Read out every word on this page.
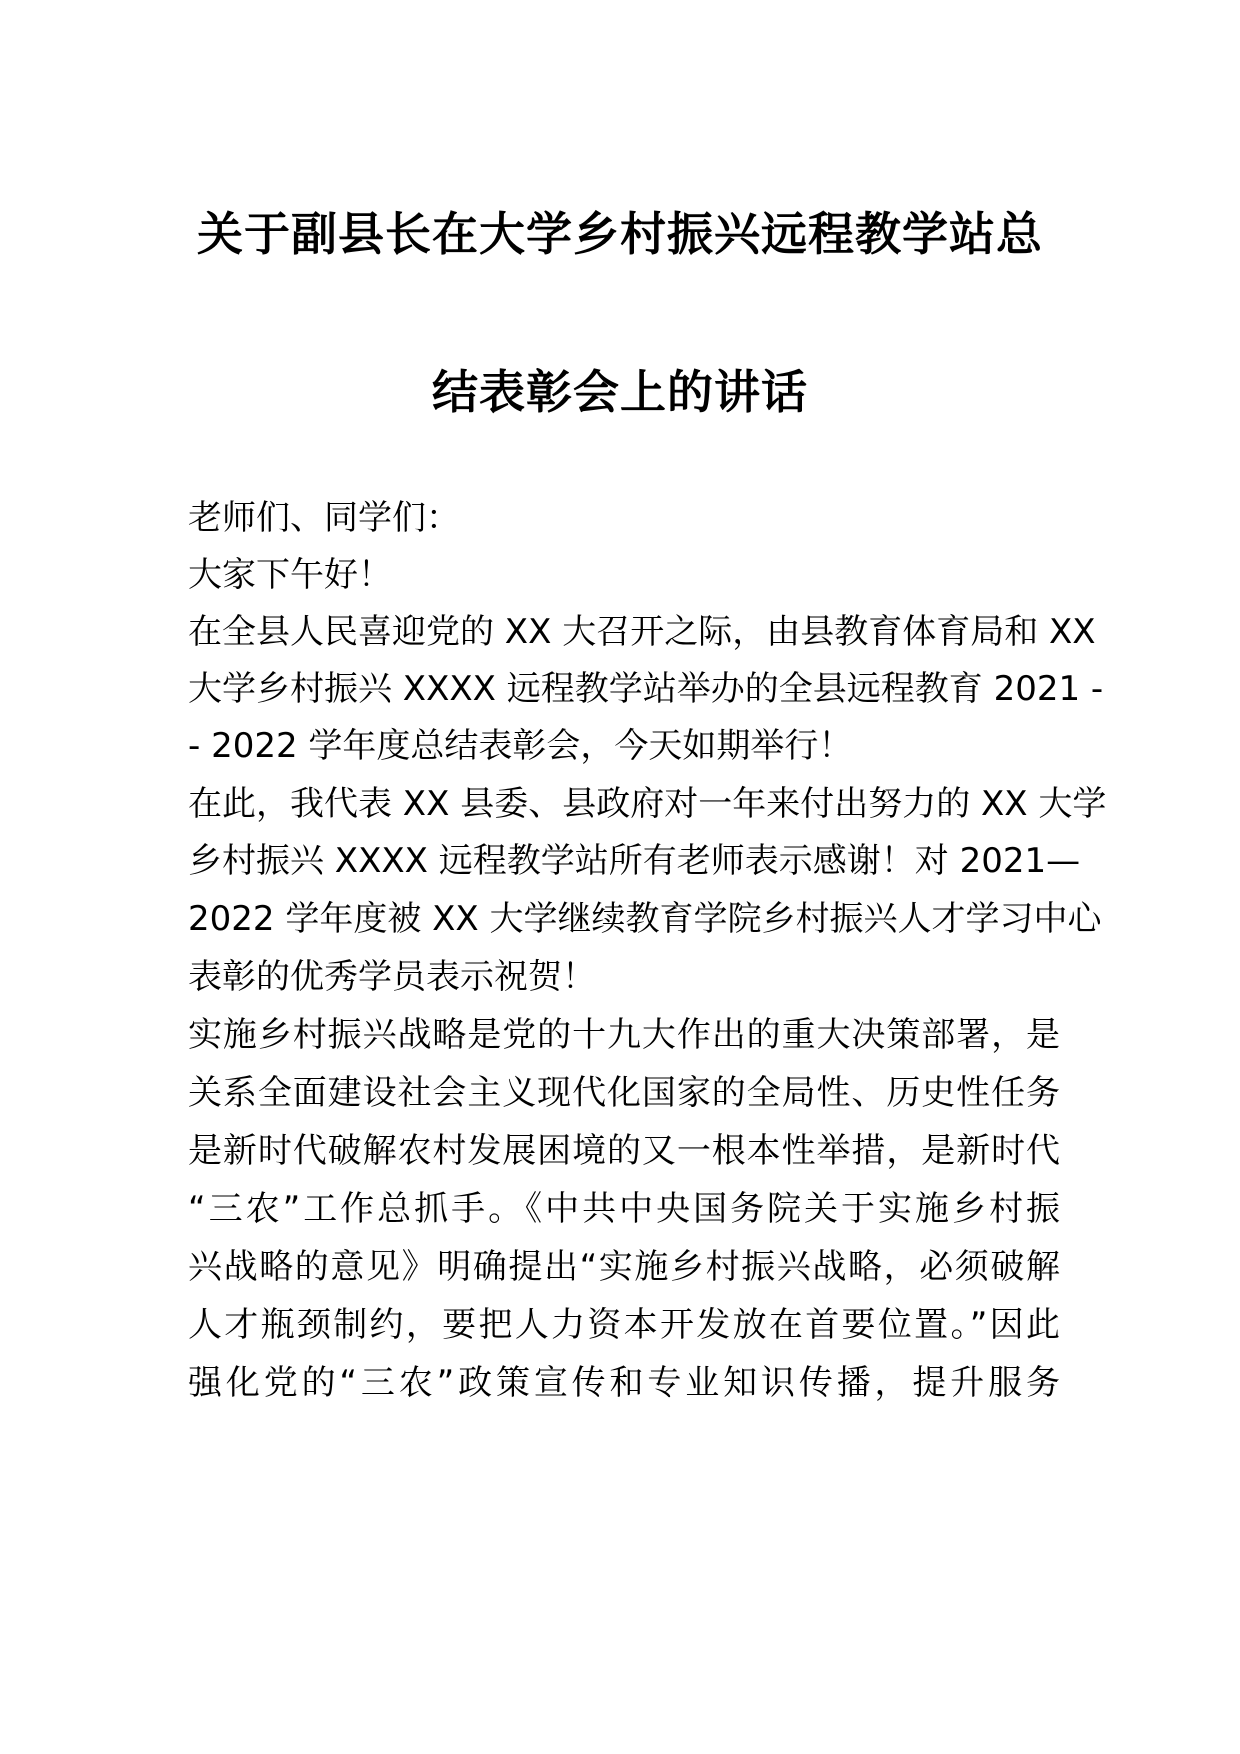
关于副县长在大学乡村振兴远程教学站总
结表彰会上的讲话
老师们、同学们：
大家下午好！
在全县人民喜迎党的 XX 大召开之际，由县教育体育局和 XX
大学乡村振兴 XXXX 远程教学站举办的全县远程教育 2021 -
- 2022 学年度总结表彰会，今天如期举行！
在此，我代表 XX 县委、县政府对一年来付出努力的 XX 大学
乡村振兴 XXXX 远程教学站所有老师表示感谢！对 2021—
2022 学年度被 XX 大学继续教育学院乡村振兴人才学习中心
表彰的优秀学员表示祝贺！
实施乡村振兴战略是党的十九大作出的重大决策部署，是
关系全面建设社会主义现代化国家的全局性、历史性任务
是新时代破解农村发展困境的又一根本性举措，是新时代
“三农”工作总抓手。《中共中央国务院关于实施乡村振
兴战略的意见》明确提出“实施乡村振兴战略，必须破解
人才瓶颈制约，要把人力资本开发放在首要位置。”因此
强化党的“三农”政策宣传和专业知识传播，提升服务
